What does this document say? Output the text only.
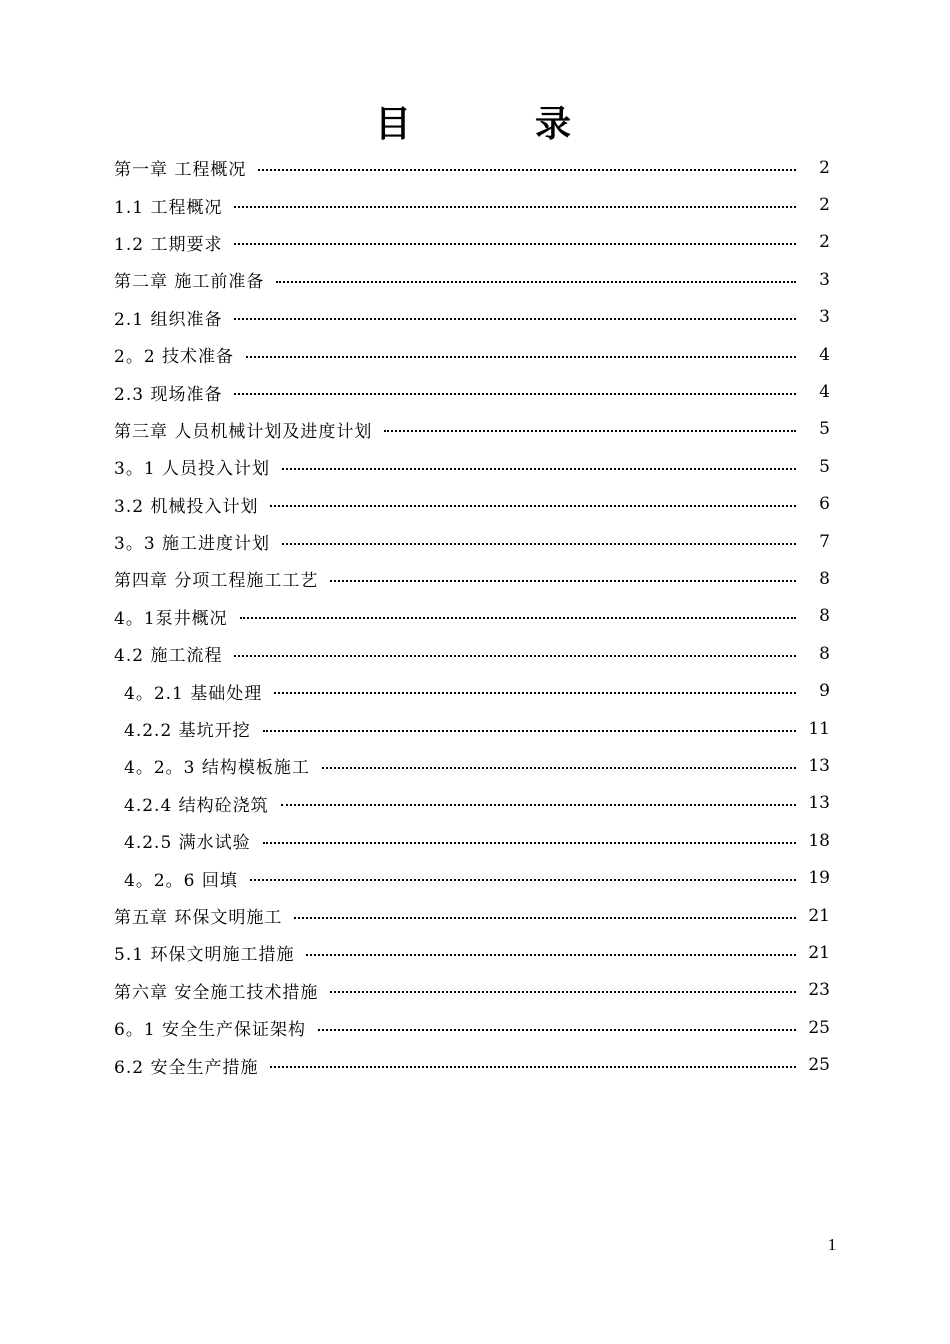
目　录
第一章 工程概况	2
1.1 工程概况	2
1.2 工期要求	2
第二章 施工前准备	3
2.1 组织准备	3
2。2 技术准备	4
2.3 现场准备	4
第三章 人员机械计划及进度计划	5
3。1 人员投入计划	5
3.2 机械投入计划	6
3。3 施工进度计划	7
第四章 分项工程施工工艺	8
4。1泵井概况	8
4.2 施工流程	8
4。2.1 基础处理	9
4.2.2 基坑开挖	11
4。2。3 结构模板施工	13
4.2.4 结构砼浇筑	13
4.2.5 满水试验	18
4。2。6 回填	19
第五章 环保文明施工	21
5.1 环保文明施工措施	21
第六章 安全施工技术措施	23
6。1 安全生产保证架构	25
6.2 安全生产措施	25
1
